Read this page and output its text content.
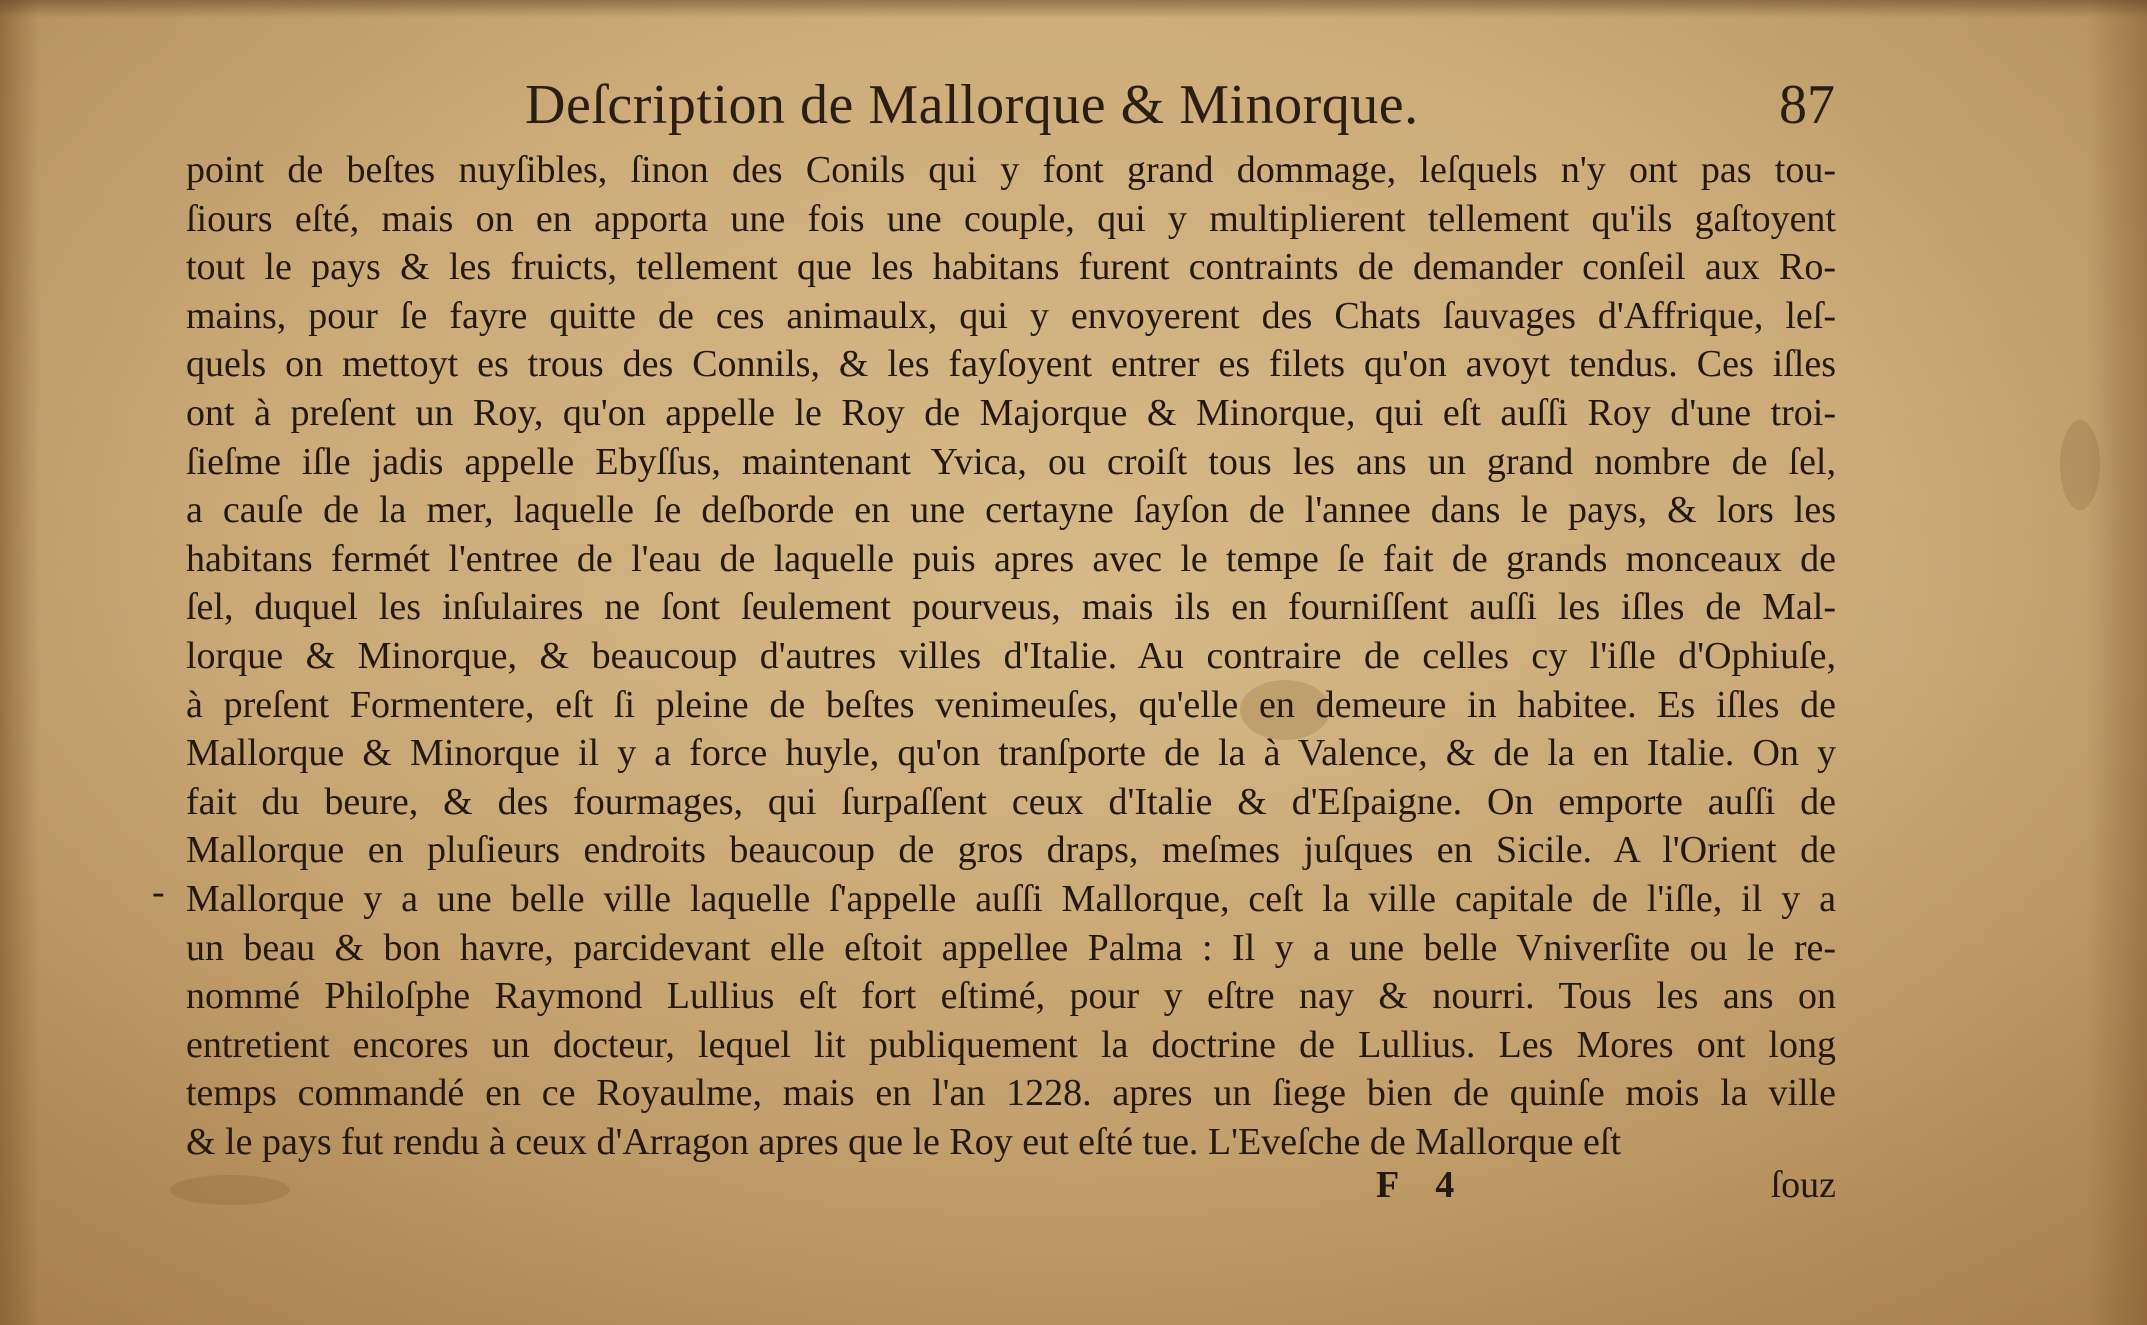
Deſcription de Mallorque & Minorque.	87
point de beſtes nuyſibles, ſinon des Conils qui y font grand dommage, leſquels n'y ont pas tou-
ſiours eſté, mais on en apporta une fois une couple, qui y multiplierent tellement qu'ils gaſtoyent
tout le pays & les fruicts, tellement que les habitans furent contraints de demander conſeil aux Ro-
mains, pour ſe fayre quitte de ces animaulx, qui y envoyerent des Chats ſauvages d'Affrique, leſ-
quels on mettoyt es trous des Connils, & les fayſoyent entrer es filets qu'on avoyt tendus. Ces iſles
ont à preſent un Roy, qu'on appelle le Roy de Majorque & Minorque, qui eſt auſſi Roy d'une troi-
ſieſme iſle jadis appelle Ebyſſus, maintenant Yvica, ou croiſt tous les ans un grand nombre de ſel,
a cauſe de la mer, laquelle ſe deſborde en une certayne ſayſon de l'annee dans le pays, & lors les
habitans fermét l'entree de l'eau de laquelle puis apres avec le tempe ſe fait de grands monceaux de
ſel, duquel les inſulaires ne ſont ſeulement pourveus, mais ils en fourniſſent auſſi les iſles de Mal-
lorque & Minorque, & beaucoup d'autres villes d'Italie. Au contraire de celles cy l'iſle d'Ophiuſe,
à preſent Formentere, eſt ſi pleine de beſtes venimeuſes, qu'elle en demeure in habitee. Es iſles de
Mallorque & Minorque il y a force huyle, qu'on tranſporte de la à Valence, & de la en Italie. On y
fait du beure, & des fourmages, qui ſurpaſſent ceux d'Italie & d'Eſpaigne. On emporte auſſi de
Mallorque en pluſieurs endroits beaucoup de gros draps, meſmes juſques en Sicile. A l'Orient de
Mallorque y a une belle ville laquelle ſ'appelle auſſi Mallorque, ceſt la ville capitale de l'iſle, il y a
un beau & bon havre, parcidevant elle eſtoit appellee Palma : Il y a une belle Vniverſite ou le re-
nommé Philoſphe Raymond Lullius eſt fort eſtimé, pour y eſtre nay & nourri. Tous les ans on
entretient encores un docteur, lequel lit publiquement la doctrine de Lullius. Les Mores ont long
temps commandé en ce Royaulme, mais en l'an 1228. apres un ſiege bien de quinſe mois la ville
& le pays fut rendu à ceux d'Arragon apres que le Roy eut eſté tue. L'Eveſche de Mallorque eſt
-
F 4	ſouz
